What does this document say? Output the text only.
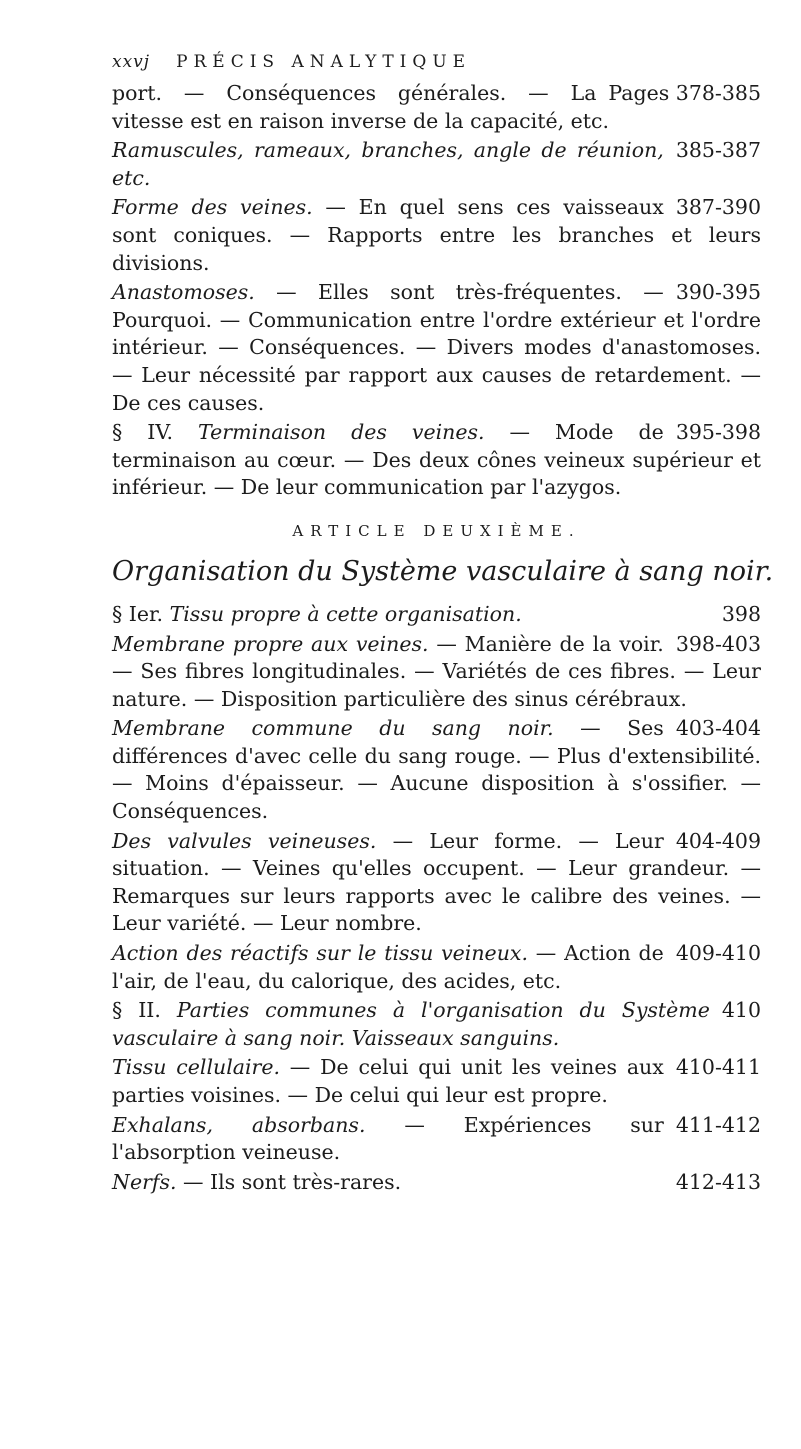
xxvj PRÉCIS ANALYTIQUE

Pages 378-385
port. — Conséquences générales. — La vitesse est en raison inverse de la capacité, etc.

385-387
Ramuscules, rameaux, branches, angle de réunion, etc.

387-390
Forme des veines. — En quel sens ces vaisseaux sont coniques. — Rapports entre les branches et leurs divisions.

390-395
Anastomoses. — Elles sont très-fréquentes. — Pourquoi. — Communication entre l'ordre extérieur et l'ordre intérieur. — Conséquences. — Divers modes d'anastomoses. — Leur nécessité par rapport aux causes de retardement. — De ces causes.

395-398
§ IV. Terminaison des veines. — Mode de terminaison au cœur. — Des deux cônes veineux supérieur et inférieur. — De leur communication par l'azygos.

ARTICLE DEUXIÈME.
Organisation du Système vasculaire à sang noir.

398
§ Ier. Tissu propre à cette organisation.

398-403
Membrane propre aux veines. — Manière de la voir. — Ses fibres longitudinales. — Variétés de ces fibres. — Leur nature. — Disposition particulière des sinus cérébraux.

403-404
Membrane commune du sang noir. — Ses différences d'avec celle du sang rouge. — Plus d'extensibilité. — Moins d'épaisseur. — Aucune disposition à s'ossifier. — Conséquences.

404-409
Des valvules veineuses. — Leur forme. — Leur situation. — Veines qu'elles occupent. — Leur grandeur. — Remarques sur leurs rapports avec le calibre des veines. — Leur variété. — Leur nombre.

409-410
Action des réactifs sur le tissu veineux. — Action de l'air, de l'eau, du calorique, des acides, etc.

410
§ II. Parties communes à l'organisation du Système vasculaire à sang noir. Vaisseaux sanguins.

410-411
Tissu cellulaire. — De celui qui unit les veines aux parties voisines. — De celui qui leur est propre.

411-412
Exhalans, absorbans. — Expériences sur l'absorption veineuse.

412-413
Nerfs. — Ils sont très-rares.
